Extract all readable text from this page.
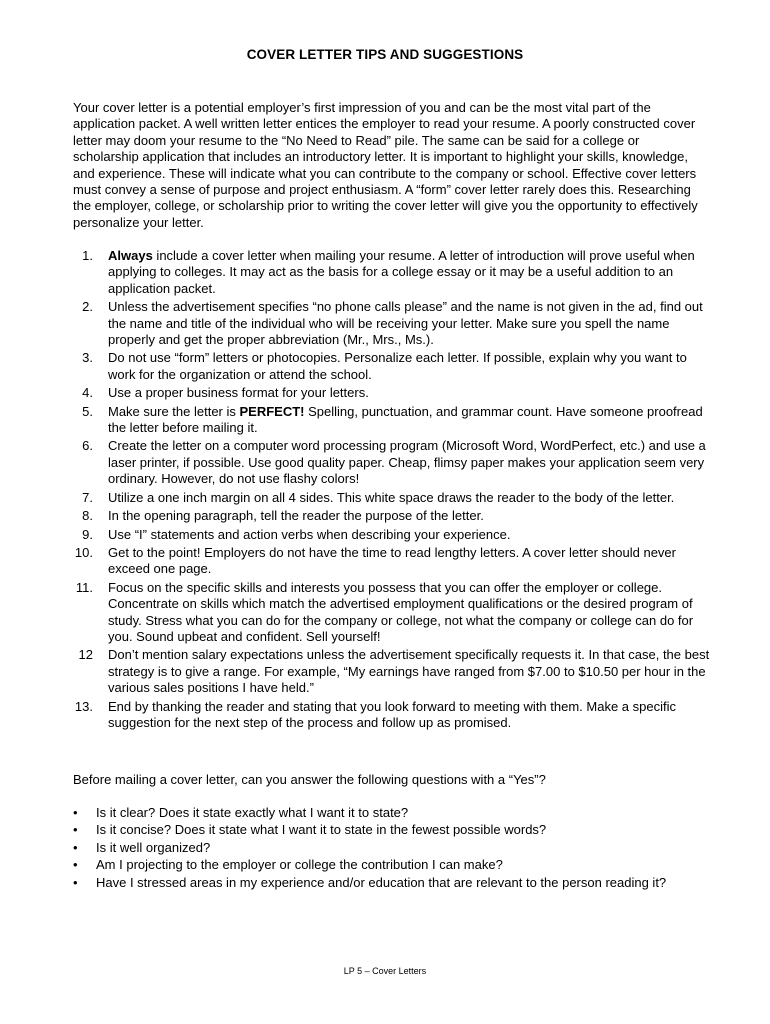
COVER LETTER TIPS AND SUGGESTIONS

Your cover letter is a potential employer’s first impression of you and can be the most vital part of the application packet. A well written letter entices the employer to read your resume. A poorly constructed cover letter may doom your resume to the “No Need to Read” pile. The same can be said for a college or scholarship application that includes an introductory letter. It is important to highlight your skills, knowledge, and experience. These will indicate what you can contribute to the company or school. Effective cover letters must convey a sense of purpose and project enthusiasm. A “form” cover letter rarely does this. Researching the employer, college, or scholarship prior to writing the cover letter will give you the opportunity to effectively personalize your letter.

1. Always include a cover letter when mailing your resume. A letter of introduction will prove useful when applying to colleges. It may act as the basis for a college essay or it may be a useful addition to an application packet.
2. Unless the advertisement specifies “no phone calls please” and the name is not given in the ad, find out the name and title of the individual who will be receiving your letter. Make sure you spell the name properly and get the proper abbreviation (Mr., Mrs., Ms.).
3. Do not use “form” letters or photocopies. Personalize each letter. If possible, explain why you want to work for the organization or attend the school.
4. Use a proper business format for your letters.
5. Make sure the letter is PERFECT! Spelling, punctuation, and grammar count. Have someone proofread the letter before mailing it.
6. Create the letter on a computer word processing program (Microsoft Word, WordPerfect, etc.) and use a laser printer, if possible. Use good quality paper. Cheap, flimsy paper makes your application seem very ordinary. However, do not use flashy colors!
7. Utilize a one inch margin on all 4 sides. This white space draws the reader to the body of the letter.
8. In the opening paragraph, tell the reader the purpose of the letter.
9. Use “I” statements and action verbs when describing your experience.
10. Get to the point! Employers do not have the time to read lengthy letters. A cover letter should never exceed one page.
11. Focus on the specific skills and interests you possess that you can offer the employer or college. Concentrate on skills which match the advertised employment qualifications or the desired program of study. Stress what you can do for the company or college, not what the company or college can do for you. Sound upbeat and confident. Sell yourself!
12 Don’t mention salary expectations unless the advertisement specifically requests it. In that case, the best strategy is to give a range. For example, “My earnings have ranged from $7.00 to $10.50 per hour in the various sales positions I have held.”
13. End by thanking the reader and stating that you look forward to meeting with them. Make a specific suggestion for the next step of the process and follow up as promised.

Before mailing a cover letter, can you answer the following questions with a “Yes”?

• Is it clear? Does it state exactly what I want it to state?
• Is it concise? Does it state what I want it to state in the fewest possible words?
• Is it well organized?
• Am I projecting to the employer or college the contribution I can make?
• Have I stressed areas in my experience and/or education that are relevant to the person reading it?
LP 5 – Cover Letters
